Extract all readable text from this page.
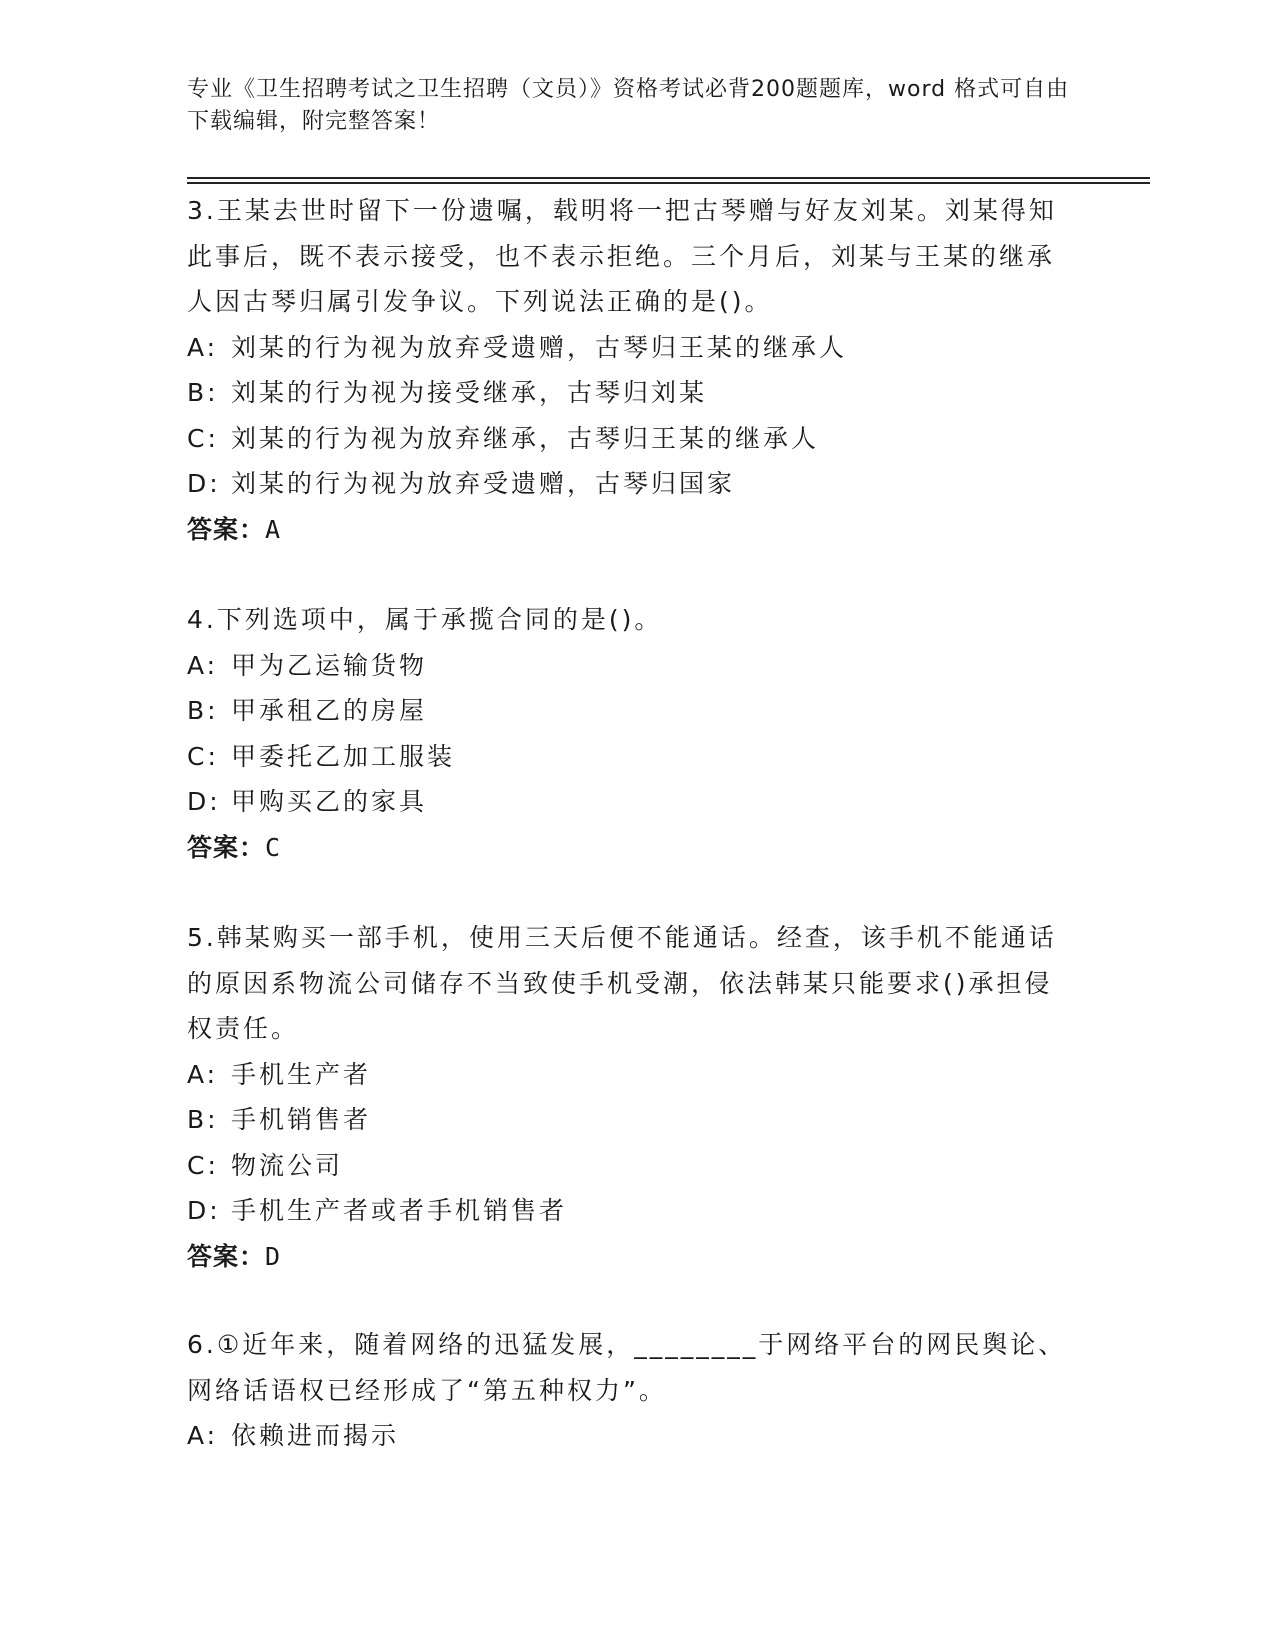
专业《卫生招聘考试之卫生招聘（文员）》资格考试必背200题题库，word 格式可自由下载编辑，附完整答案！

3.王某去世时留下一份遗嘱，载明将一把古琴赠与好友刘某。刘某得知此事后，既不表示接受，也不表示拒绝。三个月后，刘某与王某的继承人因古琴归属引发争议。下列说法正确的是()。

A: 刘某的行为视为放弃受遗赠，古琴归王某的继承人
B: 刘某的行为视为接受继承，古琴归刘某
C: 刘某的行为视为放弃继承，古琴归王某的继承人
D: 刘某的行为视为放弃受遗赠，古琴归国家

答案：A

4.下列选项中，属于承揽合同的是()。

A: 甲为乙运输货物
B: 甲承租乙的房屋
C: 甲委托乙加工服装
D: 甲购买乙的家具

答案：C

5.韩某购买一部手机，使用三天后便不能通话。经查，该手机不能通话的原因系物流公司储存不当致使手机受潮，依法韩某只能要求()承担侵权责任。

A: 手机生产者
B: 手机销售者
C: 物流公司
D: 手机生产者或者手机销售者

答案：D

6.①近年来，随着网络的迅猛发展，________于网络平台的网民舆论、网络话语权已经形成了“第五种权力”。

A: 依赖进而揭示
